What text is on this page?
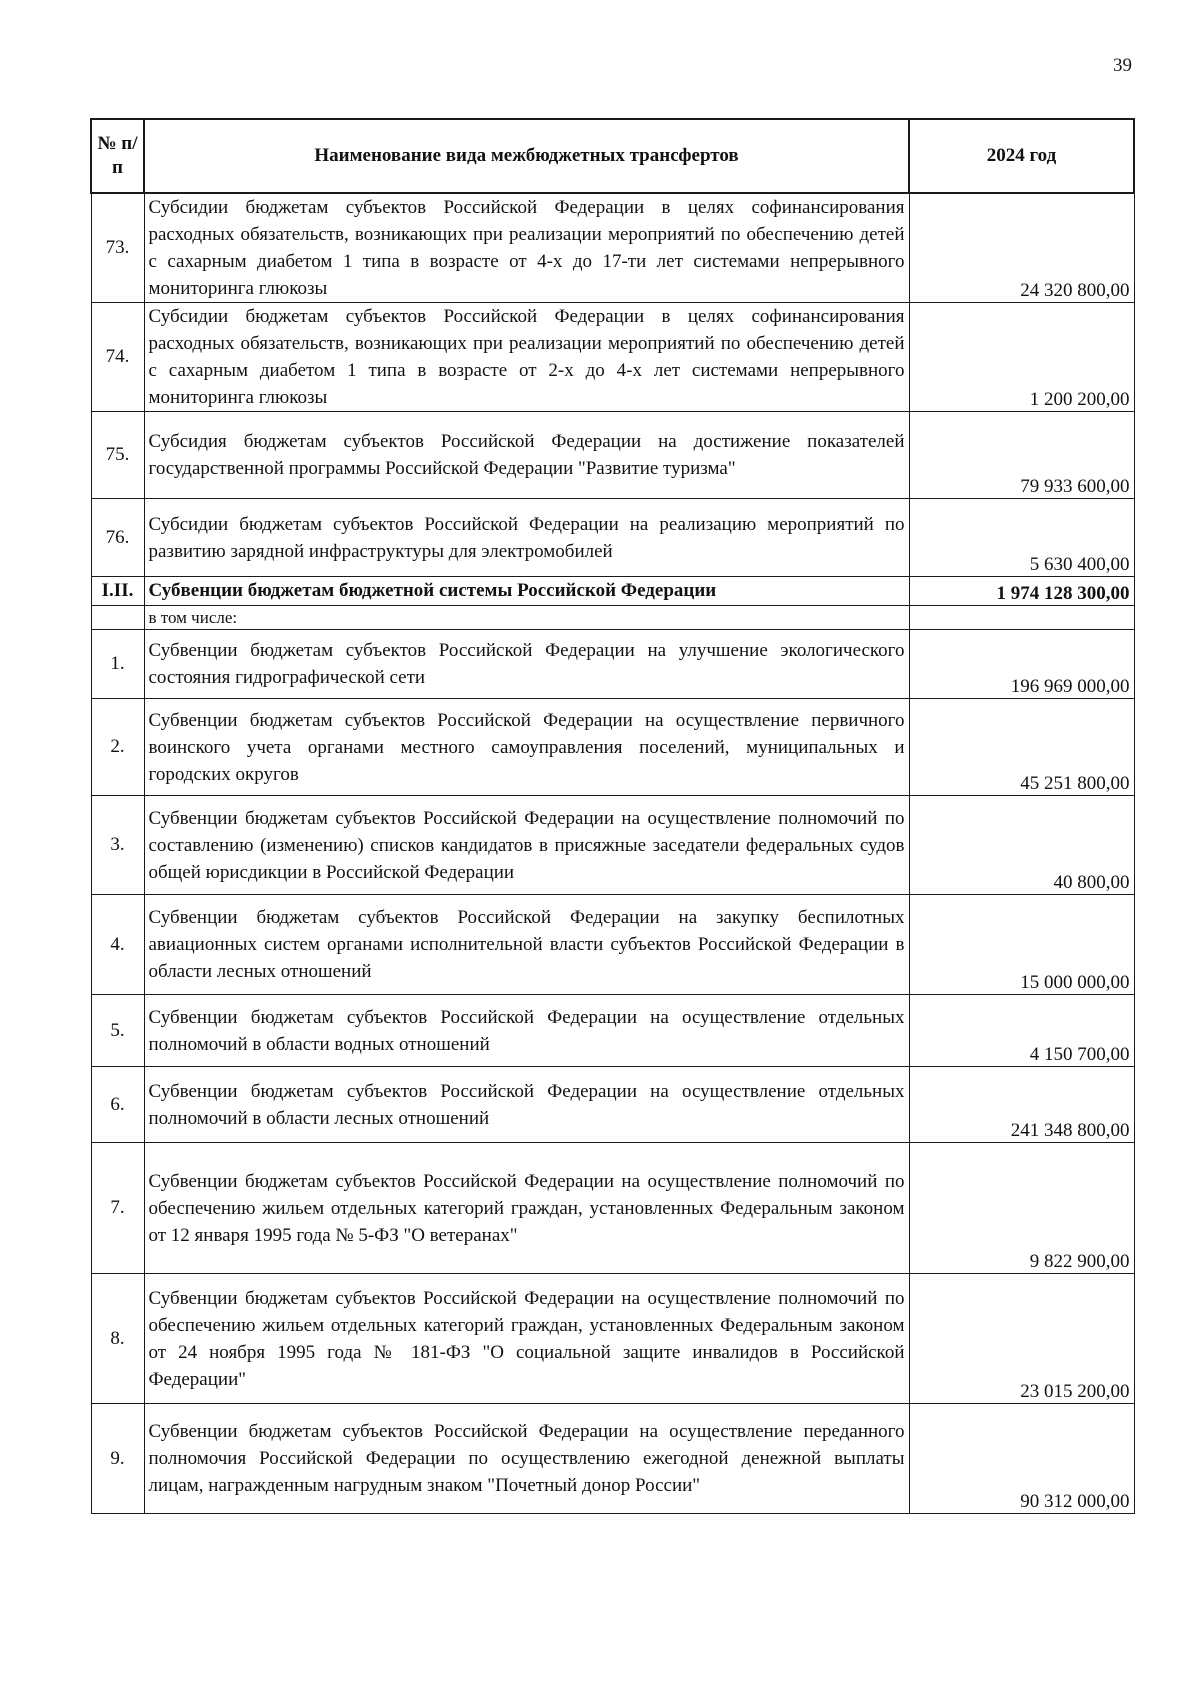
39
№ п/п	Наименование вида межбюджетных трансфертов	2024 год
73.	Субсидии бюджетам субъектов Российской Федерации в целях софинансирования расходных обязательств, возникающих при реализации мероприятий по обеспечению детей с сахарным диабетом 1 типа в возрасте от 4-х до 17-ти лет системами непрерывного мониторинга глюкозы	24 320 800,00
74.	Субсидии бюджетам субъектов Российской Федерации в целях софинансирования расходных обязательств, возникающих при реализации мероприятий по обеспечению детей с сахарным диабетом 1 типа в возрасте от 2-х до 4-х лет системами непрерывного мониторинга глюкозы	1 200 200,00
75.	Субсидия бюджетам субъектов Российской Федерации на достижение показателей государственной программы Российской Федерации "Развитие туризма"	79 933 600,00
76.	Субсидии бюджетам субъектов Российской Федерации на реализацию мероприятий по развитию зарядной инфраструктуры для электромобилей	5 630 400,00
I.II.	Субвенции бюджетам бюджетной системы Российской Федерации	1 974 128 300,00
	в том числе:	
1.	Субвенции бюджетам субъектов Российской Федерации на улучшение экологического состояния гидрографической сети	196 969 000,00
2.	Субвенции бюджетам субъектов Российской Федерации на осуществление первичного воинского учета органами местного самоуправления поселений, муниципальных и городских округов	45 251 800,00
3.	Субвенции бюджетам субъектов Российской Федерации на осуществление полномочий по составлению (изменению) списков кандидатов в присяжные заседатели федеральных судов общей юрисдикции в Российской Федерации	40 800,00
4.	Субвенции бюджетам субъектов Российской Федерации на закупку беспилотных авиационных систем органами исполнительной власти субъектов Российской Федерации в области лесных отношений	15 000 000,00
5.	Субвенции бюджетам субъектов Российской Федерации на осуществление отдельных полномочий в области водных отношений	4 150 700,00
6.	Субвенции бюджетам субъектов Российской Федерации на осуществление отдельных полномочий в области лесных отношений	241 348 800,00
7.	Субвенции бюджетам субъектов Российской Федерации на осуществление полномочий по обеспечению жильем отдельных категорий граждан, установленных Федеральным законом от 12 января 1995 года № 5-ФЗ "О ветеранах"	9 822 900,00
8.	Субвенции бюджетам субъектов Российской Федерации на осуществление полномочий по обеспечению жильем отдельных категорий граждан, установленных Федеральным законом от 24 ноября 1995 года № 181-ФЗ "О социальной защите инвалидов в Российской Федерации"	23 015 200,00
9.	Субвенции бюджетам субъектов Российской Федерации на осуществление переданного полномочия Российской Федерации по осуществлению ежегодной денежной выплаты лицам, награжденным нагрудным знаком "Почетный донор России"	90 312 000,00
